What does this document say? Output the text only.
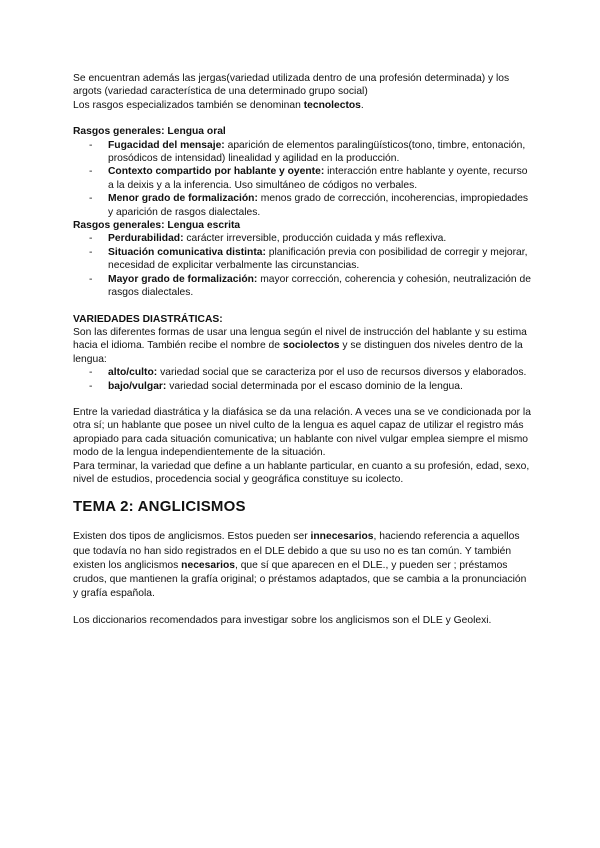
Se encuentran además las jergas(variedad utilizada dentro de una profesión determinada) y los argots (variedad característica de una determinado grupo social)

Los rasgos especializados también se denominan tecnolectos.

Rasgos generales: Lengua oral

- Fugacidad del mensaje: aparición de elementos paralingüísticos(tono, timbre, entonación, prosódicos de intensidad) linealidad y agilidad en la producción.
- Contexto compartido por hablante y oyente: interacción entre hablante y oyente, recurso a la deixis y a la inferencia. Uso simultáneo de códigos no verbales.
- Menor grado de formalización: menos grado de corrección, incoherencias, impropiedades y aparición de rasgos dialectales.

Rasgos generales: Lengua escrita

- Perdurabilidad: carácter irreversible, producción cuidada y más reflexiva.
- Situación comunicativa distinta: planificación previa con posibilidad de corregir y mejorar, necesidad de explicitar verbalmente las circunstancias.
- Mayor grado de formalización: mayor corrección, coherencia y cohesión, neutralización de rasgos dialectales.

VARIEDADES DIASTRÁTICAS:

Son las diferentes formas de usar una lengua según el nivel de instrucción del hablante y su estima hacia el idioma. También recibe el nombre de sociolectos y se distinguen dos niveles dentro de la lengua:

- alto/culto: variedad social que se caracteriza por el uso de recursos diversos y elaborados.
- bajo/vulgar: variedad social determinada por el escaso dominio de la lengua.

Entre la variedad diastrática y la diafásica se da una relación. A veces una se ve condicionada por la otra sí; un hablante que posee un nivel culto de la lengua es aquel capaz de utilizar el registro más apropiado para cada situación comunicativa; un hablante con nivel vulgar emplea siempre el mismo modo de la lengua independientemente de la situación.

Para terminar, la variedad que define a un hablante particular, en cuanto a su profesión, edad, sexo, nivel de estudios, procedencia social y geográfica constituye su icolecto.

TEMA 2: ANGLICISMOS

Existen dos tipos de anglicismos. Estos pueden ser innecesarios, haciendo referencia a aquellos que todavía no han sido registrados en el DLE debido a que su uso no es tan común. Y también existen los anglicismos necesarios, que sí que aparecen en el DLE., y pueden ser ; préstamos crudos, que mantienen la grafía original; o préstamos adaptados, que se cambia a la pronunciación y grafía española.

Los diccionarios recomendados para investigar sobre los anglicismos son el DLE y Geolexi.
